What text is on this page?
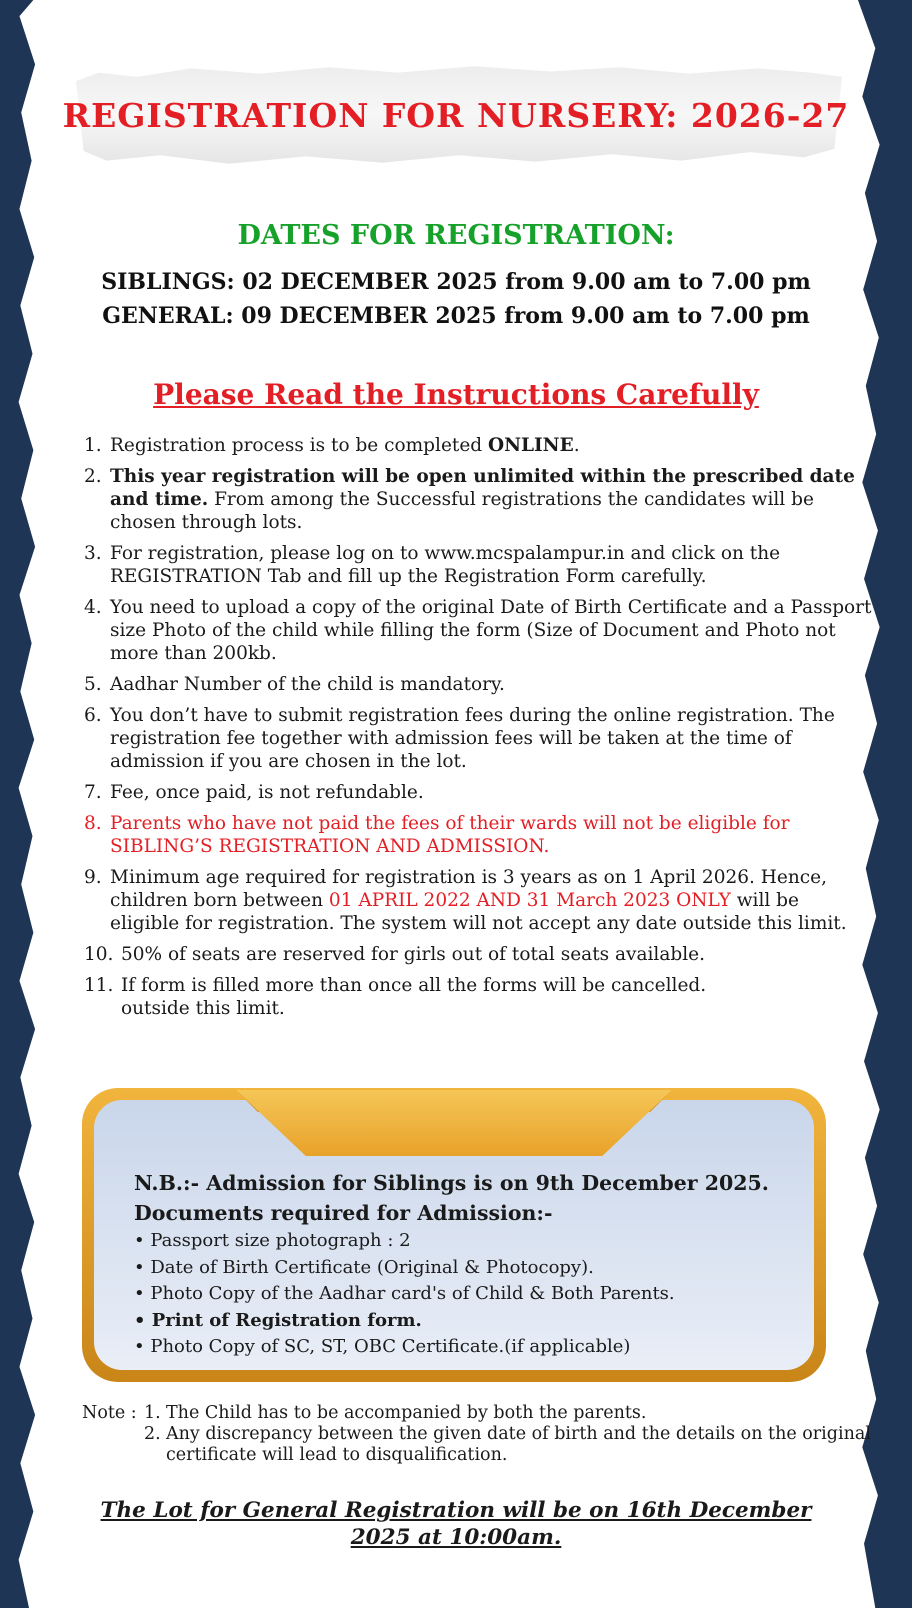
REGISTRATION FOR NURSERY: 2026-27
DATES FOR REGISTRATION:
SIBLINGS: 02 DECEMBER 2025 from 9.00 am to 7.00 pm
GENERAL: 09 DECEMBER 2025 from 9.00 am to 7.00 pm
Please Read the Instructions Carefully
1. Registration process is to be completed ONLINE.
2. This year registration will be open unlimited within the prescribed date and time. From among the Successful registrations the candidates will be chosen through lots.
3. For registration, please log on to www.mcspalampur.in and click on the REGISTRATION Tab and fill up the Registration Form carefully.
4. You need to upload a copy of the original Date of Birth Certificate and a Passport size Photo of the child while filling the form (Size of Document and Photo not more than 200kb.
5. Aadhar Number of the child is mandatory.
6. You don’t have to submit registration fees during the online registration. The registration fee together with admission fees will be taken at the time of admission if you are chosen in the lot.
7. Fee, once paid, is not refundable.
8. Parents who have not paid the fees of their wards will not be eligible for SIBLING’S REGISTRATION AND ADMISSION.
9. Minimum age required for registration is 3 years as on 1 April 2026. Hence, children born between 01 APRIL 2022 AND 31 March 2023 ONLY will be eligible for registration. The system will not accept any date outside this limit.
10. 50% of seats are reserved for girls out of total seats available.
11. If form is filled more than once all the forms will be cancelled.
outside this limit.
N.B.:- Admission for Siblings is on 9th December 2025.
Documents required for Admission:-
• Passport size photograph : 2
• Date of Birth Certificate (Original & Photocopy).
• Photo Copy of the Aadhar card's of Child & Both Parents.
• Print of Registration form.
• Photo Copy of SC, ST, OBC Certificate.(if applicable)
Note : 1. The Child has to be accompanied by both the parents.
2. Any discrepancy between the given date of birth and the details on the original certificate will lead to disqualification.
The Lot for General Registration will be on 16th December
2025 at 10:00am.
